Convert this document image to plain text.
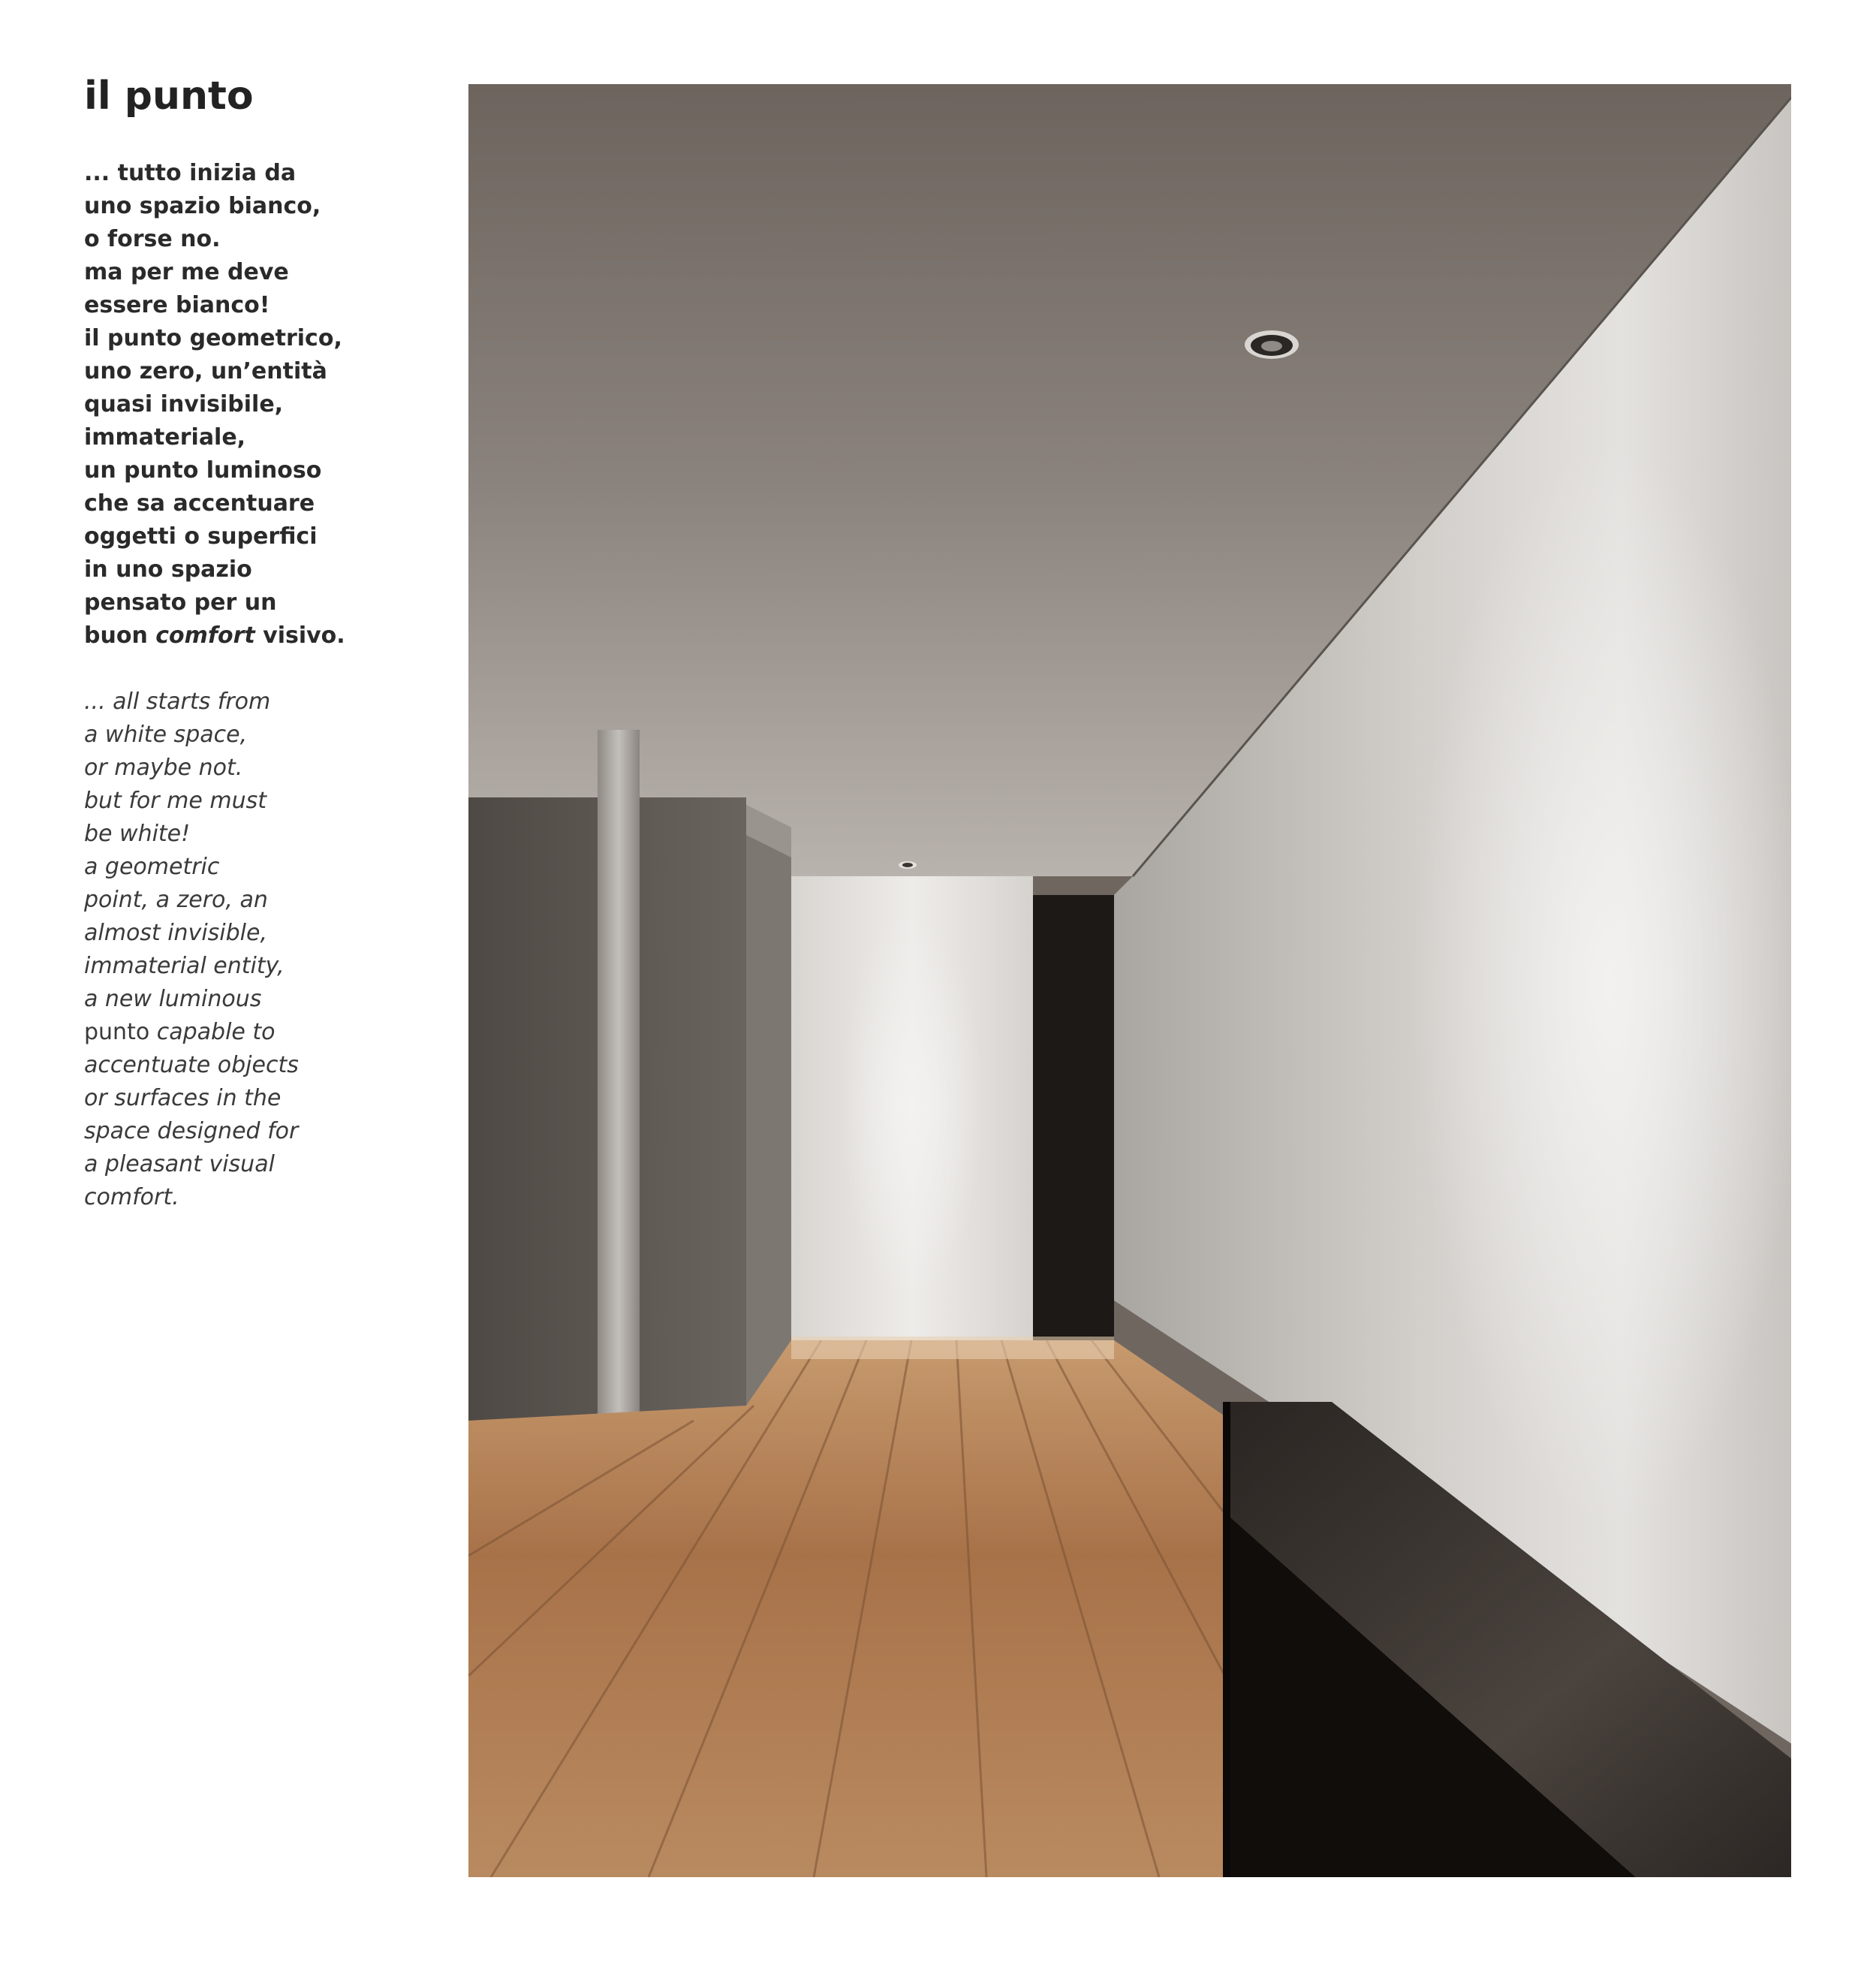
il punto

... tutto inizia da
uno spazio bianco,
o forse no.
ma per me deve
essere bianco!
il punto geometrico,
uno zero, un’entità
quasi invisibile,
immateriale,
un punto luminoso
che sa accentuare
oggetti o superfici
in uno spazio
pensato per un
buon comfort visivo.

... all starts from
a white space,
or maybe not.
but for me must
be white!
a geometric
point, a zero, an
almost invisible,
immaterial entity,
a new luminous
punto capable to
accentuate objects
or surfaces in the
space designed for
a pleasant visual
comfort.
